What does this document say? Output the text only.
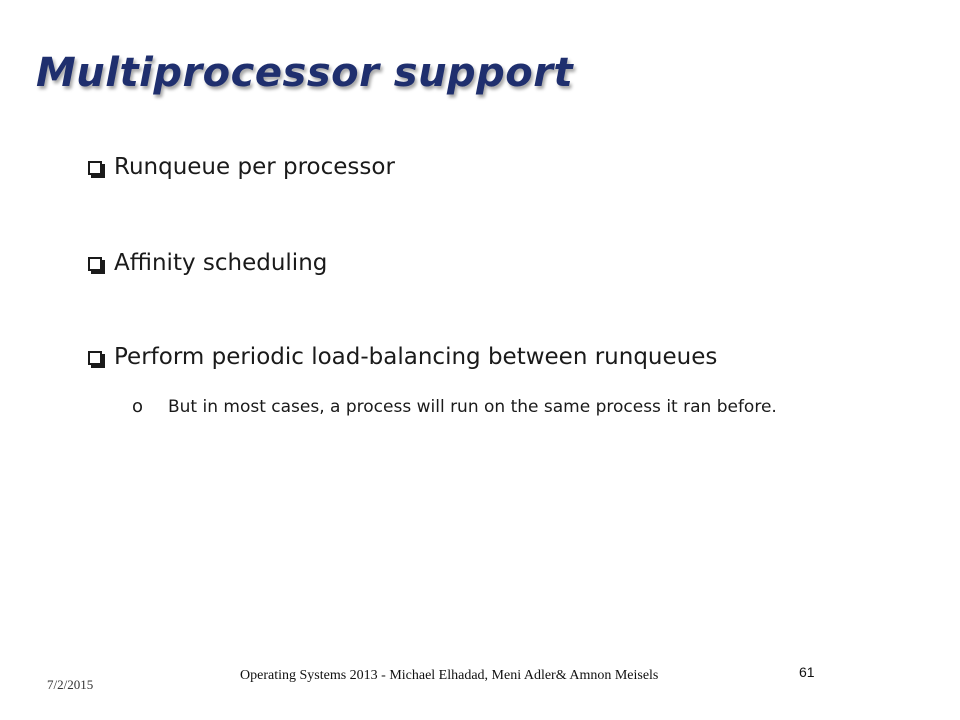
Multiprocessor support
Runqueue per processor
Affinity scheduling
Perform periodic load-balancing between runqueues
o	But in most cases, a process will run on the same process it ran before.
7/2/2015
Operating Systems 2013 - Michael Elhadad, Meni Adler& Amnon Meisels	61
